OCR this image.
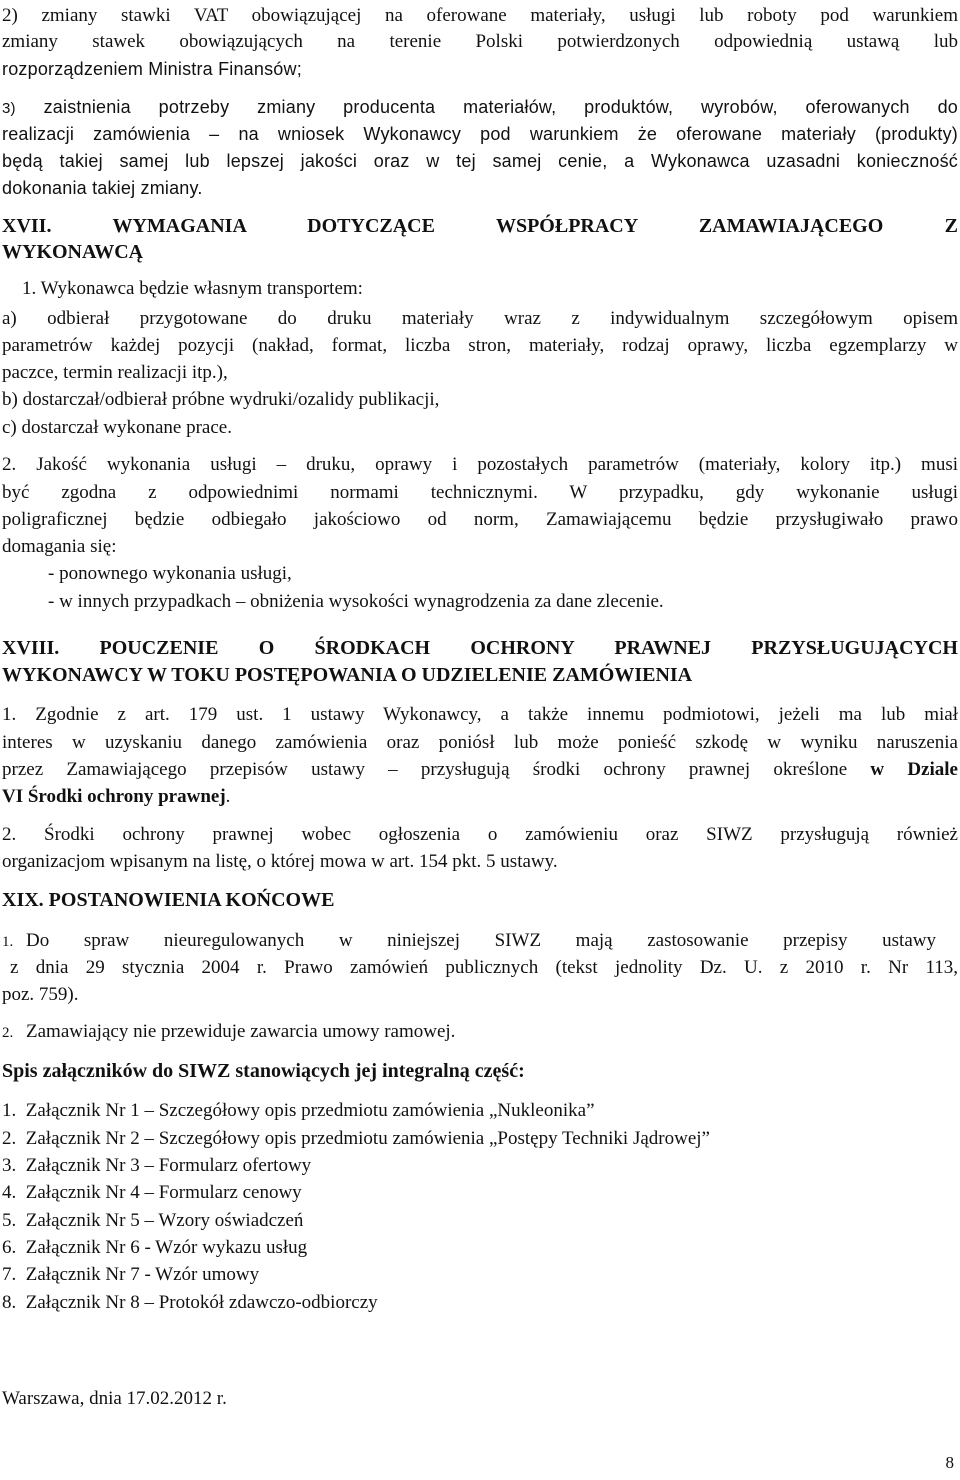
2) zmiany stawki VAT obowiązującej na oferowane materiały, usługi lub roboty pod warunkiem
zmiany stawek obowiązujących na terenie Polski potwierdzonych odpowiednią ustawą lub
rozporządzeniem Ministra Finansów;
3) zaistnienia potrzeby zmiany producenta materiałów, produktów, wyrobów, oferowanych do
realizacji zamówienia – na wniosek Wykonawcy pod warunkiem że oferowane materiały (produkty)
będą takiej samej lub lepszej jakości oraz w tej samej cenie, a Wykonawca uzasadni konieczność
dokonania takiej zmiany.
XVII. WYMAGANIA DOTYCZĄCE WSPÓŁPRACY ZAMAWIAJĄCEGO Z
WYKONAWCĄ
1. Wykonawca będzie własnym transportem:
a) odbierał przygotowane do druku materiały wraz z indywidualnym szczegółowym opisem
parametrów każdej pozycji (nakład, format, liczba stron, materiały, rodzaj oprawy, liczba egzemplarzy w
paczce, termin realizacji itp.),
b) dostarczał/odbierał próbne wydruki/ozalidy publikacji,
c) dostarczał wykonane prace.
2. Jakość wykonania usługi – druku, oprawy i pozostałych parametrów (materiały, kolory itp.) musi
być zgodna z odpowiednimi normami technicznymi. W przypadku, gdy wykonanie usługi
poligraficznej będzie odbiegało jakościowo od norm, Zamawiającemu będzie przysługiwało prawo
domagania się:
- ponownego wykonania usługi,
- w innych przypadkach – obniżenia wysokości wynagrodzenia za dane zlecenie.
XVIII. POUCZENIE O ŚRODKACH OCHRONY PRAWNEJ PRZYSŁUGUJĄCYCH
WYKONAWCY W TOKU POSTĘPOWANIA O UDZIELENIE ZAMÓWIENIA
1. Zgodnie z art. 179 ust. 1 ustawy Wykonawcy, a także innemu podmiotowi, jeżeli ma lub miał
interes w uzyskaniu danego zamówienia oraz poniósł lub może ponieść szkodę w wyniku naruszenia
przez Zamawiającego przepisów ustawy – przysługują środki ochrony prawnej określone w Dziale
VI Środki ochrony prawnej.
2. Środki ochrony prawnej wobec ogłoszenia o zamówieniu oraz SIWZ przysługują również
organizacjom wpisanym na listę, o której mowa w art. 154 pkt. 5 ustawy.
XIX. POSTANOWIENIA KOŃCOWE
1. Do spraw nieuregulowanych w niniejszej SIWZ mają zastosowanie przepisy ustawy
z dnia 29 stycznia 2004 r. Prawo zamówień publicznych (tekst jednolity Dz. U. z 2010 r. Nr 113,
poz. 759).
2. Zamawiający nie przewiduje zawarcia umowy ramowej.
Spis załączników do SIWZ stanowiących jej integralną część:
1.  Załącznik Nr 1 – Szczegółowy opis przedmiotu zamówienia „Nukleonika”
2.  Załącznik Nr 2 – Szczegółowy opis przedmiotu zamówienia „Postępy Techniki Jądrowej”
3.  Załącznik Nr 3 – Formularz ofertowy
4.  Załącznik Nr 4 – Formularz cenowy
5.  Załącznik Nr 5 – Wzory oświadczeń
6.  Załącznik Nr 6 - Wzór wykazu usług
7.  Załącznik Nr 7 - Wzór umowy
8.  Załącznik Nr 8 – Protokół zdawczo-odbiorczy
Warszawa, dnia 17.02.2012 r.
8
